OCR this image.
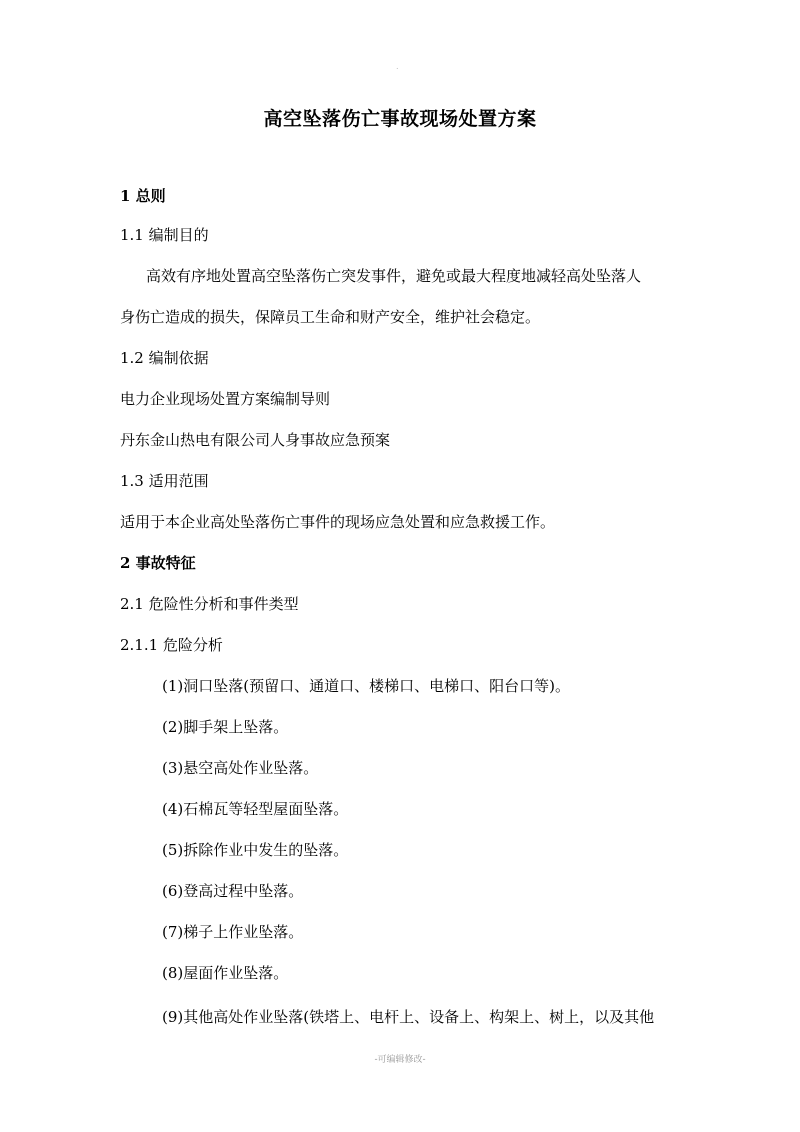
.
高空坠落伤亡事故现场处置方案
1 总则
1.1 编制目的
高效有序地处置高空坠落伤亡突发事件，避免或最大程度地减轻高处坠落人
身伤亡造成的损失，保障员工生命和财产安全，维护社会稳定。
1.2 编制依据
电力企业现场处置方案编制导则
丹东金山热电有限公司人身事故应急预案
1.3 适用范围
适用于本企业高处坠落伤亡事件的现场应急处置和应急救援工作。
2 事故特征
2.1 危险性分析和事件类型
2.1.1 危险分析
(1)洞口坠落(预留口、通道口、楼梯口、电梯口、阳台口等)。
(2)脚手架上坠落。
(3)悬空高处作业坠落。
(4)石棉瓦等轻型屋面坠落。
(5)拆除作业中发生的坠落。
(6)登高过程中坠落。
(7)梯子上作业坠落。
(8)屋面作业坠落。
(9)其他高处作业坠落(铁塔上、电杆上、设备上、构架上、树上，以及其他
-可编辑修改-
